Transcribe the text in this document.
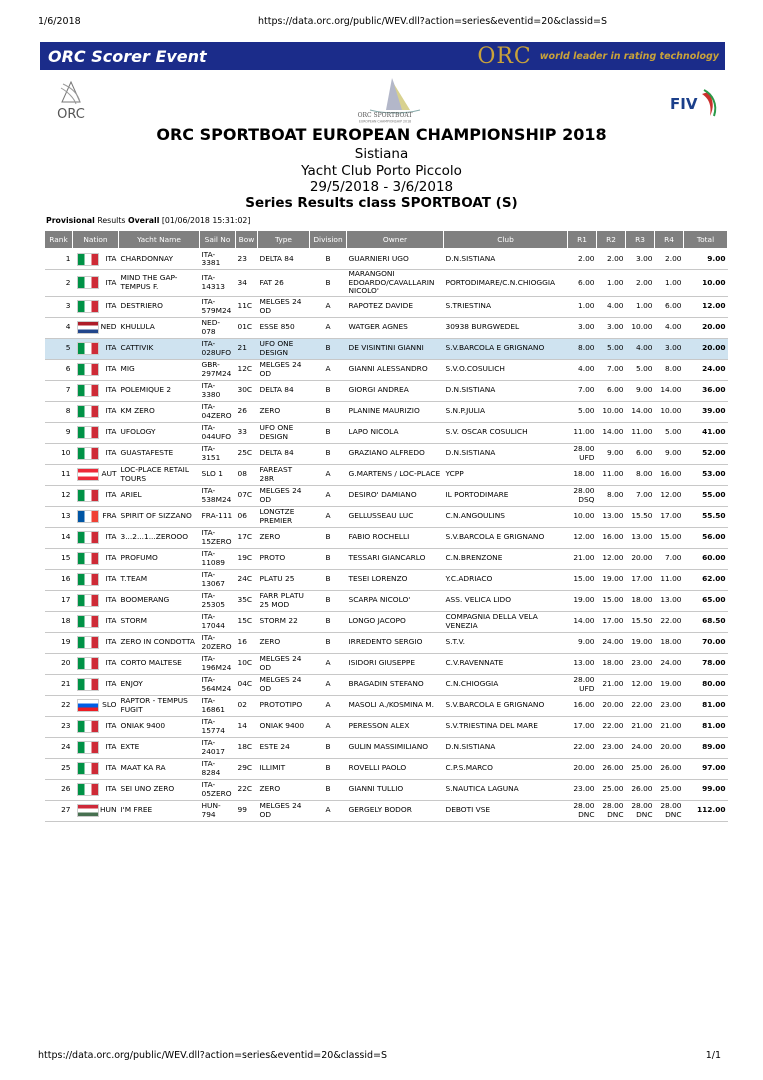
1/6/2018	https://data.orc.org/public/WEV.dll?action=series&eventid=20&classid=S
ORC Scorer Event	ORC world leader in rating technology
ORC	ORC SPORTBOAT
EUROPEAN CHAMPIONSHIP 2018
FIV
ORC SPORTBOAT EUROPEAN CHAMPIONSHIP 2018
Sistiana
Yacht Club Porto Piccolo
29/5/2018 - 3/6/2018
Series Results class SPORTBOAT (S)
Provisional Results Overall [01/06/2018 15:31:02]
Rank	Nation	Yacht Name	Sail No	Bow	Type	Division	Owner	Club	R1	R2	R3	R4	Total
1	ITA	CHARDONNAY	ITA-3381	23	DELTA 84	B	GUARNIERI UGO	D.N.SISTIANA	2.00	2.00	3.00	2.00	9.00
2	ITA	MIND THE GAP-TEMPUS F.	ITA-14313	34	FAT 26	B	MARANGONI EDOARDO/CAVALLARIN NICOLO'	PORTODIMARE/C.N.CHIOGGIA	6.00	1.00	2.00	1.00	10.00
3	ITA	DESTRIERO	ITA-579M24	11C	MELGES 24 OD	A	RAPOTEZ DAVIDE	S.TRIESTINA	1.00	4.00	1.00	6.00	12.00
4	NED	KHULULA	NED-078	01C	ESSE 850	A	WATGER AGNES	30938 BURGWEDEL	3.00	3.00	10.00	4.00	20.00
5	ITA	CATTIVIK	ITA-028UFO	21	UFO ONE DESIGN	B	DE VISINTINI GIANNI	S.V.BARCOLA E GRIGNANO	8.00	5.00	4.00	3.00	20.00
6	ITA	MIG	GBR-297M24	12C	MELGES 24 OD	A	GIANNI ALESSANDRO	S.V.O.COSULICH	4.00	7.00	5.00	8.00	24.00
7	ITA	POLEMIQUE 2	ITA-3380	30C	DELTA 84	B	GIORGI ANDREA	D.N.SISTIANA	7.00	6.00	9.00	14.00	36.00
8	ITA	KM ZERO	ITA-04ZERO	26	ZERO	B	PLANINE MAURIZIO	S.N.P.JULIA	5.00	10.00	14.00	10.00	39.00
9	ITA	UFOLOGY	ITA-044UFO	33	UFO ONE DESIGN	B	LAPO NICOLA	S.V. OSCAR COSULICH	11.00	14.00	11.00	5.00	41.00
10	ITA	GUASTAFESTE	ITA-3151	25C	DELTA 84	B	GRAZIANO ALFREDO	D.N.SISTIANA	28.00 UFD	9.00	6.00	9.00	52.00
11	AUT	LOC-PLACE RETAIL TOURS	SLO 1	08	FAREAST 28R	A	G.MARTENS / LOC-PLACE	YCPP	18.00	11.00	8.00	16.00	53.00
12	ITA	ARIEL	ITA-538M24	07C	MELGES 24 OD	A	DESIRO' DAMIANO	IL PORTODIMARE	28.00 DSQ	8.00	7.00	12.00	55.00
13	FRA	SPIRIT OF SIZZANO	FRA-111	06	LONGTZE PREMIER	A	GELLUSSEAU LUC	C.N.ANGOULINS	10.00	13.00	15.50	17.00	55.50
14	ITA	3...2...1...ZEROOO	ITA-15ZERO	17C	ZERO	B	FABIO ROCHELLI	S.V.BARCOLA E GRIGNANO	12.00	16.00	13.00	15.00	56.00
15	ITA	PROFUMO	ITA-11089	19C	PROTO	B	TESSARI GIANCARLO	C.N.BRENZONE	21.00	12.00	20.00	7.00	60.00
16	ITA	T.TEAM	ITA-13067	24C	PLATU 25	B	TESEI LORENZO	Y.C.ADRIACO	15.00	19.00	17.00	11.00	62.00
17	ITA	BOOMERANG	ITA-25305	35C	FARR PLATU 25 MOD	B	SCARPA NICOLO'	ASS. VELICA LIDO	19.00	15.00	18.00	13.00	65.00
18	ITA	STORM	ITA-17044	15C	STORM 22	B	LONGO JACOPO	COMPAGNIA DELLA VELA VENEZIA	14.00	17.00	15.50	22.00	68.50
19	ITA	ZERO IN CONDOTTA	ITA-20ZERO	16	ZERO	B	IRREDENTO SERGIO	S.T.V.	9.00	24.00	19.00	18.00	70.00
20	ITA	CORTO MALTESE	ITA-196M24	10C	MELGES 24 OD	A	ISIDORI GIUSEPPE	C.V.RAVENNATE	13.00	18.00	23.00	24.00	78.00
21	ITA	ENJOY	ITA-564M24	04C	MELGES 24 OD	A	BRAGADIN STEFANO	C.N.CHIOGGIA	28.00 UFD	21.00	12.00	19.00	80.00
22	SLO	RAPTOR - TEMPUS FUGIT	ITA-16861	02	PROTOTIPO	A	MASOLI A./KOSMINA M.	S.V.BARCOLA E GRIGNANO	16.00	20.00	22.00	23.00	81.00
23	ITA	ONIAK 9400	ITA-15774	14	ONIAK 9400	A	PERESSON ALEX	S.V.TRIESTINA DEL MARE	17.00	22.00	21.00	21.00	81.00
24	ITA	EXTE	ITA-24017	18C	ESTE 24	B	GULIN MASSIMILIANO	D.N.SISTIANA	22.00	23.00	24.00	20.00	89.00
25	ITA	MAAT KA RA	ITA-8284	29C	ILLIMIT	B	ROVELLI PAOLO	C.P.S.MARCO	20.00	26.00	25.00	26.00	97.00
26	ITA	SEI UNO ZERO	ITA-05ZERO	22C	ZERO	B	GIANNI TULLIO	S.NAUTICA LAGUNA	23.00	25.00	26.00	25.00	99.00
27	HUN	I'M FREE	HUN-794	99	MELGES 24 OD	A	GERGELY BODOR	DEBOTI VSE	28.00 DNC	28.00 DNC	28.00 DNC	28.00 DNC	112.00
https://data.orc.org/public/WEV.dll?action=series&eventid=20&classid=S	1/1
